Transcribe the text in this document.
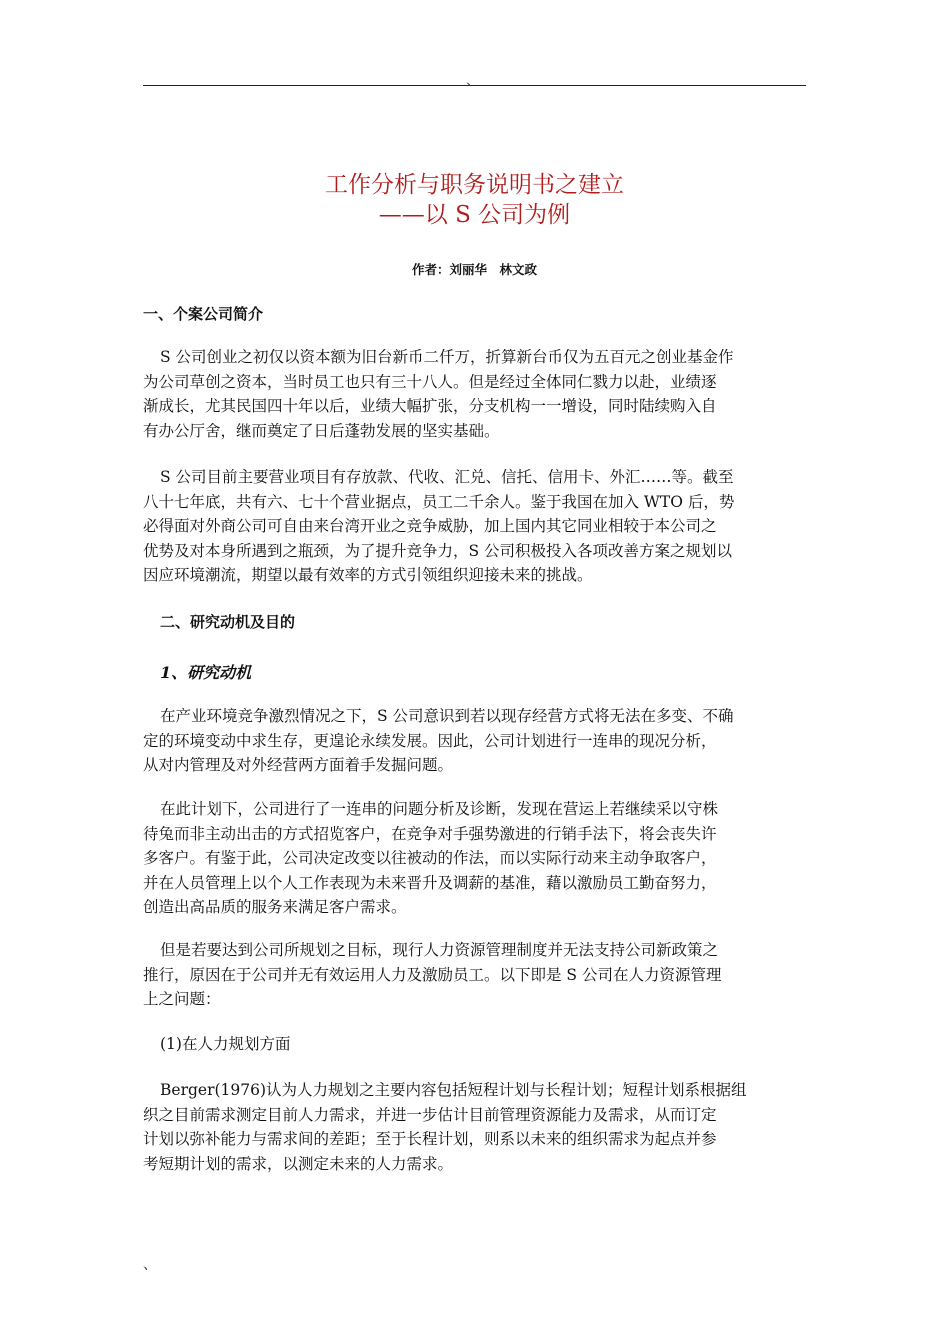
、
工作分析与职务说明书之建立
——以 S 公司为例
作者：刘丽华　林文政
一、个案公司简介
S 公司创业之初仅以资本额为旧台新币二仟万，折算新台币仅为五百元之创业基金作
为公司草创之资本，当时员工也只有三十八人。但是经过全体同仁戮力以赴，业绩逐
渐成长，尤其民国四十年以后，业绩大幅扩张，分支机构一一增设，同时陆续购入自
有办公厅舍，继而奠定了日后蓬勃发展的坚实基础。
S 公司目前主要营业项目有存放款、代收、汇兑、信托、信用卡、外汇……等。截至
八十七年底，共有六、七十个营业据点，员工二千余人。鉴于我国在加入 WTO 后，势
必得面对外商公司可自由来台湾开业之竞争威胁，加上国内其它同业相较于本公司之
优势及对本身所遇到之瓶颈，为了提升竞争力，S 公司积极投入各项改善方案之规划以
因应环境潮流，期望以最有效率的方式引领组织迎接未来的挑战。
二、研究动机及目的
1、研究动机
在产业环境竞争激烈情况之下，S 公司意识到若以现存经营方式将无法在多变、不确
定的环境变动中求生存，更遑论永续发展。因此，公司计划进行一连串的现况分析，
从对内管理及对外经营两方面着手发掘问题。
在此计划下，公司进行了一连串的问题分析及诊断，发现在营运上若继续采以守株
待兔而非主动出击的方式招览客户，在竞争对手强势激进的行销手法下，将会丧失许
多客户。有鉴于此，公司决定改变以往被动的作法，而以实际行动来主动争取客户，
并在人员管理上以个人工作表现为未来晋升及调薪的基准，藉以激励员工勤奋努力，
创造出高品质的服务来满足客户需求。
但是若要达到公司所规划之目标，现行人力资源管理制度并无法支持公司新政策之
推行，原因在于公司并无有效运用人力及激励员工。以下即是 S 公司在人力资源管理
上之问题：
(1)在人力规划方面
Berger(1976)认为人力规划之主要内容包括短程计划与长程计划；短程计划系根据组
织之目前需求测定目前人力需求，并进一步估计目前管理资源能力及需求，从而订定
计划以弥补能力与需求间的差距；至于长程计划，则系以未来的组织需求为起点并参
考短期计划的需求，以测定未来的人力需求。
、
